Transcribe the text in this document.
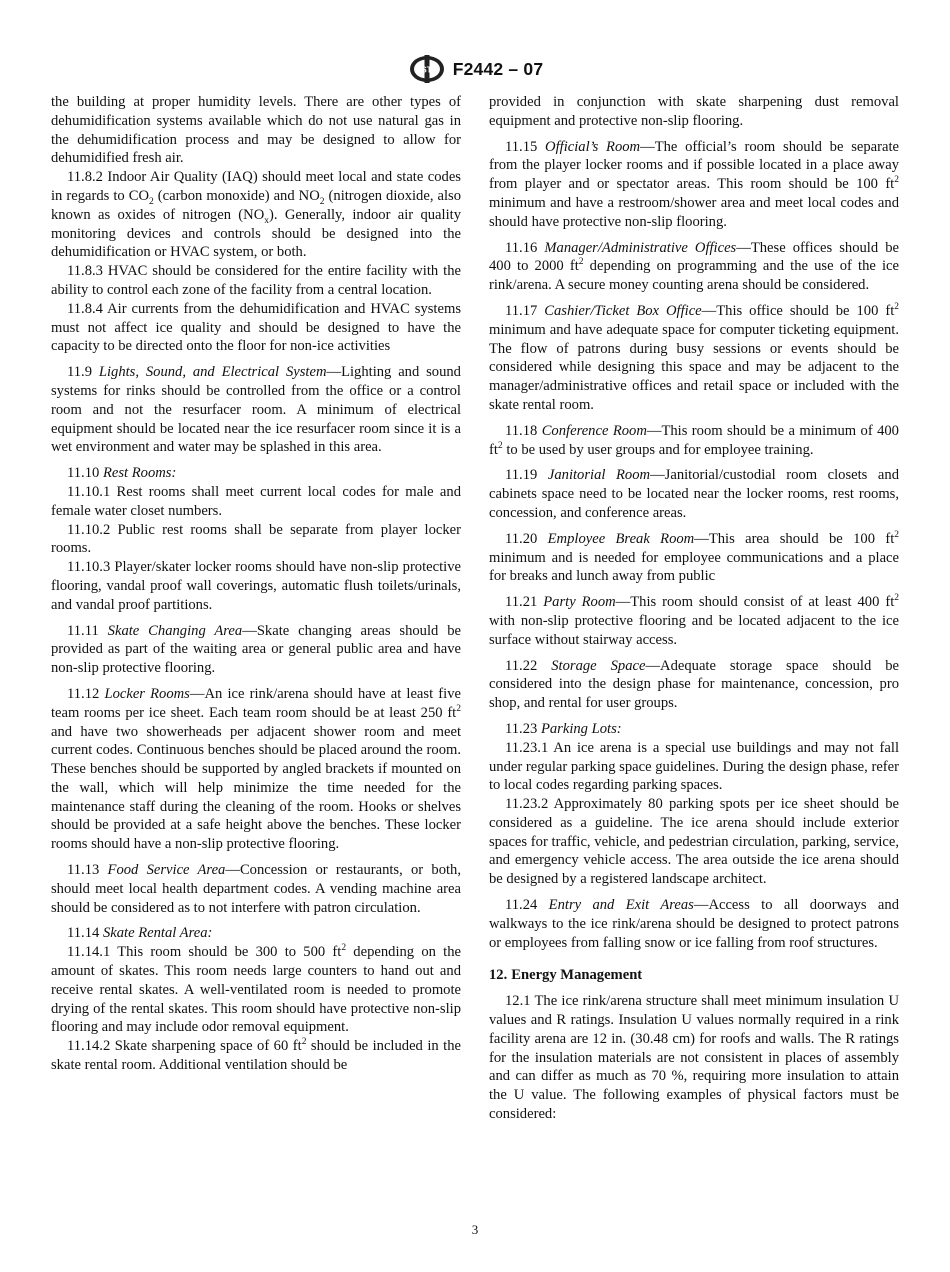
ASTM F2442 – 07

the building at proper humidity levels. There are other types of dehumidification systems available which do not use natural gas in the dehumidification process and may be designed to allow for dehumidified fresh air.

11.8.2 Indoor Air Quality (IAQ) should meet local and state codes in regards to $CO_2$ (carbon monoxide) and $NO_2$ (nitrogen dioxide, also known as oxides of nitrogen $(NO_x)$. Generally, indoor air quality monitoring devices and controls should be designed into the dehumidification or HVAC system, or both.

11.8.3 HVAC should be considered for the entire facility with the ability to control each zone of the facility from a central location.

11.8.4 Air currents from the dehumidification and HVAC systems must not affect ice quality and should be designed to have the capacity to be directed onto the floor for non-ice activities

11.9 Lights, Sound, and Electrical System—Lighting and sound systems for rinks should be controlled from the office or a control room and not the resurfacer room. A minimum of electrical equipment should be located near the ice resurfacer room since it is a wet environment and water may be splashed in this area.

11.10 Rest Rooms:

11.10.1 Rest rooms shall meet current local codes for male and female water closet numbers.

11.10.2 Public rest rooms shall be separate from player locker rooms.

11.10.3 Player/skater locker rooms should have non-slip protective flooring, vandal proof wall coverings, automatic flush toilets/urinals, and vandal proof partitions.

11.11 Skate Changing Area—Skate changing areas should be provided as part of the waiting area or general public area and have non-slip protective flooring.

11.12 Locker Rooms—An ice rink/arena should have at least five team rooms per ice sheet. Each team room should be at least 250 $ft^2$ and have two showerheads per adjacent shower room and meet current codes. Continuous benches should be placed around the room. These benches should be supported by angled brackets if mounted on the wall, which will help minimize the time needed for the maintenance staff during the cleaning of the room. Hooks or shelves should be provided at a safe height above the benches. These locker rooms should have a non-slip protective flooring.

11.13 Food Service Area—Concession or restaurants, or both, should meet local health department codes. A vending machine area should be considered as to not interfere with patron circulation.

11.14 Skate Rental Area:

11.14.1 This room should be 300 to 500 $ft^2$ depending on the amount of skates. This room needs large counters to hand out and receive rental skates. A well-ventilated room is needed to promote drying of the rental skates. This room should have protective non-slip flooring and may include odor removal equipment.

11.14.2 Skate sharpening space of 60 $ft^2$ should be included in the skate rental room. Additional ventilation should be

provided in conjunction with skate sharpening dust removal equipment and protective non-slip flooring.

11.15 Official’s Room—The official’s room should be separate from the player locker rooms and if possible located in a place away from player and or spectator areas. This room should be 100 $ft^2$ minimum and have a restroom/shower area and meet local codes and should have protective non-slip flooring.

11.16 Manager/Administrative Offices—These offices should be 400 to 2000 $ft^2$ depending on programming and the use of the ice rink/arena. A secure money counting arena should be considered.

11.17 Cashier/Ticket Box Office—This office should be 100 $ft^2$ minimum and have adequate space for computer ticketing equipment. The flow of patrons during busy sessions or events should be considered while designing this space and may be adjacent to the manager/administrative offices and retail space or included with the skate rental room.

11.18 Conference Room—This room should be a minimum of 400 $ft^2$ to be used by user groups and for employee training.

11.19 Janitorial Room—Janitorial/custodial room closets and cabinets space need to be located near the locker rooms, rest rooms, concession, and conference areas.

11.20 Employee Break Room—This area should be 100 $ft^2$ minimum and is needed for employee communications and a place for breaks and lunch away from public

11.21 Party Room—This room should consist of at least 400 $ft^2$ with non-slip protective flooring and be located adjacent to the ice surface without stairway access.

11.22 Storage Space—Adequate storage space should be considered into the design phase for maintenance, concession, pro shop, and rental for user groups.

11.23 Parking Lots:

11.23.1 An ice arena is a special use buildings and may not fall under regular parking space guidelines. During the design phase, refer to local codes regarding parking spaces.

11.23.2 Approximately 80 parking spots per ice sheet should be considered as a guideline. The ice arena should include exterior spaces for traffic, vehicle, and pedestrian circulation, parking, service, and emergency vehicle access. The area outside the ice arena should be designed by a registered landscape architect.

11.24 Entry and Exit Areas—Access to all doorways and walkways to the ice rink/arena should be designed to protect patrons or employees from falling snow or ice falling from roof structures.

12. Energy Management

12.1 The ice rink/arena structure shall meet minimum insulation U values and R ratings. Insulation U values normally required in a rink facility arena are 12 in. (30.48 cm) for roofs and walls. The R ratings for the insulation materials are not consistent in places of assembly and can differ as much as 70 %, requiring more insulation to attain the U value. The following examples of physical factors must be considered:

3
